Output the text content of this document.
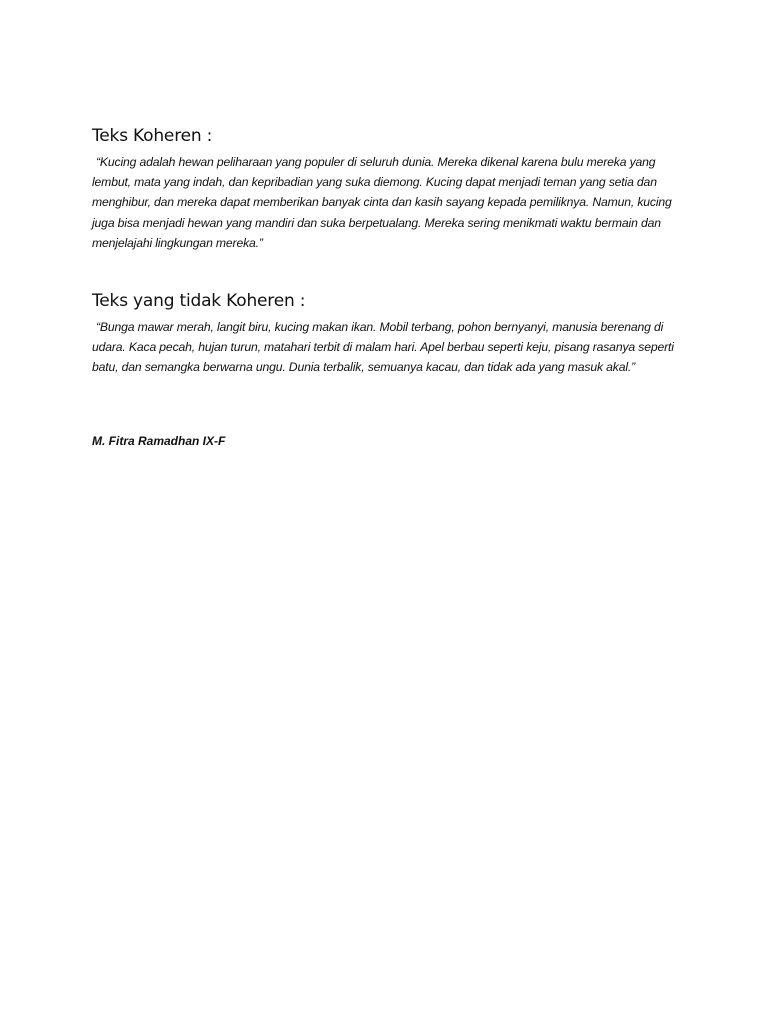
Teks Koheren :

“Kucing adalah hewan peliharaan yang populer di seluruh dunia. Mereka dikenal karena bulu mereka yang lembut, mata yang indah, dan kepribadian yang suka diemong. Kucing dapat menjadi teman yang setia dan menghibur, dan mereka dapat memberikan banyak cinta dan kasih sayang kepada pemiliknya. Namun, kucing juga bisa menjadi hewan yang mandiri dan suka berpetualang. Mereka sering menikmati waktu bermain dan menjelajahi lingkungan mereka.”

Teks yang tidak Koheren :

“Bunga mawar merah, langit biru, kucing makan ikan. Mobil terbang, pohon bernyanyi, manusia berenang di udara. Kaca pecah, hujan turun, matahari terbit di malam hari. Apel berbau seperti keju, pisang rasanya seperti batu, dan semangka berwarna ungu. Dunia terbalik, semuanya kacau, dan tidak ada yang masuk akal.”

M. Fitra Ramadhan IX-F
